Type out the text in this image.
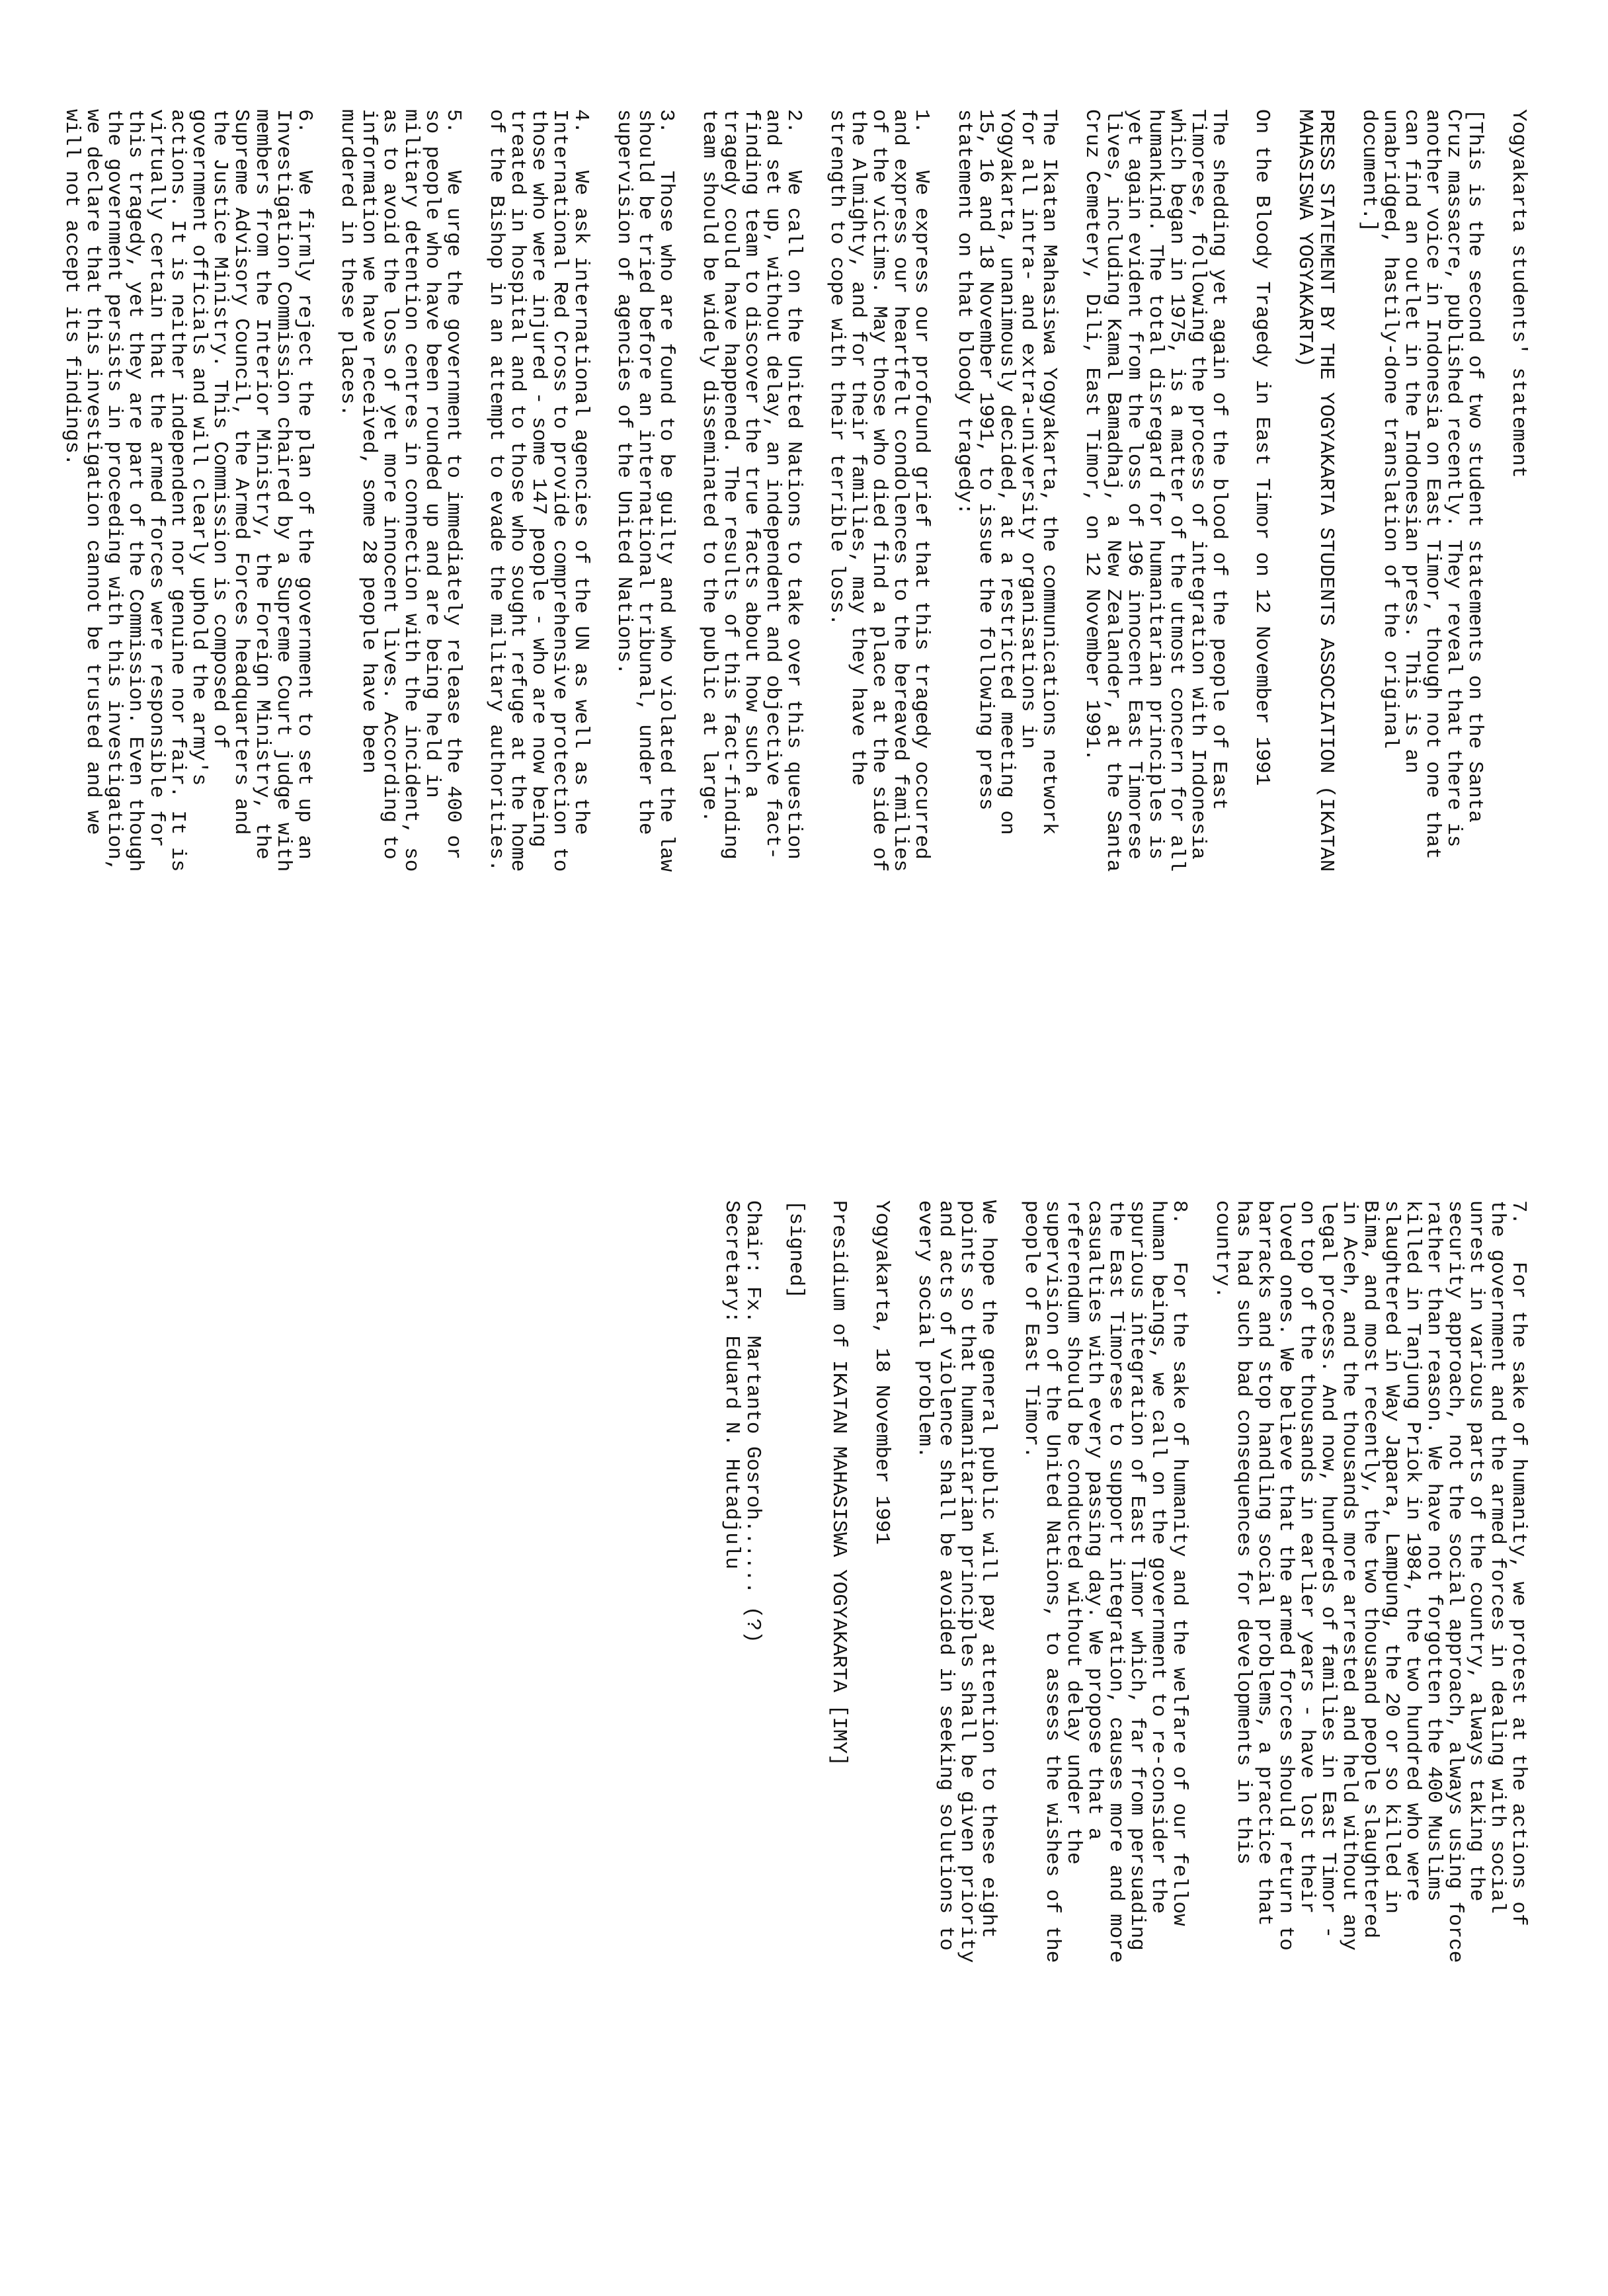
Yogyakarta students' statement
[This is the second of two student statements on the Santa
Cruz massacre, published recently. They reveal that there is
another voice in Indonesia on East Timor, though not one that
can find an outlet in the Indonesian press. This is an
unabridged, hastily-done translation of the original
document.]
PRESS STATEMENT BY THE YOGYAKARTA STUDENTS ASSOCIATION (IKATAN
MAHASISWA YOGYAKARTA)
On the Bloody Tragedy in East Timor on 12 November 1991
The shedding yet again of the blood of the people of East
Timorese, following the process of integration with Indonesia
which began in 1975, is a matter of the utmost concern for all
humankind. The total disregard for humanitarian principles is
yet again evident from the loss of 196 innocent East Timorese
lives, including Kamal Bamadhaj, a New Zealander, at the Santa
Cruz Cemetery, Dili, East Timor, on 12 November 1991.
The Ikatan Mahasiswa Yogyakarta, the communications network
for all intra- and extra-university organisations in
Yogyakarta, unanimously decided, at a restricted meeting on
15, 16 and 18 November 1991, to issue the following press
statement on that bloody tragedy:
1.   We express our profound grief that this tragedy occurred
and express our heartfelt condolences to the bereaved families
of the victims. May those who died find a place at the side of
the Almighty, and for their families, may they have the
strength to cope with their terrible loss.
2.   We call on the United Nations to take over this question
and set up, without delay, an independent and objective fact-
finding team to discover the true facts about how such a
tragedy could have happened. The results of this fact-finding
team should be widely disseminated to the public at large.
3.   Those who are found to be guilty and who violated the law
should be tried before an international tribunal, under the
supervision of agencies of the United Nations.
4.   We ask international agencies of the UN as well as the
International Red Cross to provide comprehensive protection to
those who were injured - some 147 people - who are now being
treated in hospital and to those who sought refuge at the home
of the Bishop in an attempt to evade the military authorities.
5.   We urge the government to immediately release the 400 or
so people who have been rounded up and are being held in
military detention centres in connection with the incident, so
as to avoid the loss of yet more innocent lives. According to
information we have received, some 28 people have been
murdered in these places.
6.   We firmly reject the plan of the government to set up an
Investigation Commission chaired by a Supreme Court judge with
members from the Interior Ministry, the Foreign Ministry, the
Supreme Advisory Council, the Armed Forces headquarters and
the Justice Ministry. This Commission is composed of
government officials and will clearly uphold the army's
actions. It is neither independent nor genuine nor fair. It is
virtually certain that the armed forces were responsible for
this tragedy, yet they are part of the Commission. Even though
the government persists in proceeding with this investigation,
we declare that this investigation cannot be trusted and we
will not accept its findings.
7.   For the sake of humanity, we protest at the actions of
the government and the armed forces in dealing with social
unrest in various parts of the country, always taking the
security approach, not the social approach, always using force
rather than reason. We have not forgotten the 400 Muslims
killed in Tanjung Priok in 1984, the two hundred who were
slaughtered in Way Japara, Lampung, the 20 or so killed in
Bima, and most recently, the two thousand people slaughtered
in Aceh, and the thousands more arrested and held without any
legal process. And now, hundreds of families in East Timor -
on top of the thousands in earlier years - have lost their
loved ones. We believe that the armed forces should return to
barracks and stop handling social problems, a practice that
has had such bad consequences for developments in this
country.
8.   For the sake of humanity and the welfare of our fellow
human beings, we call on the government to re-consider the
spurious integration of East Timor which, far from persuading
the East Timorese to support integration, causes more and more
casualties with every passing day. We propose that a
referendum should be conducted without delay under the
supervision of the United Nations, to assess the wishes of the
people of East Timor.
We hope the general public will pay attention to these eight
points so that humanitarian principles shall be given priority
and acts of violence shall be avoided in seeking solutions to
every social problem.
Yogyakarta, 18 November 1991
Presidium of IKATAN MAHASISWA YOGYAKARTA [IMY]
[signed]
Chair: Fx. Martanto Gosroh...... (?)
Secretary: Eduard N. Hutadjulu
